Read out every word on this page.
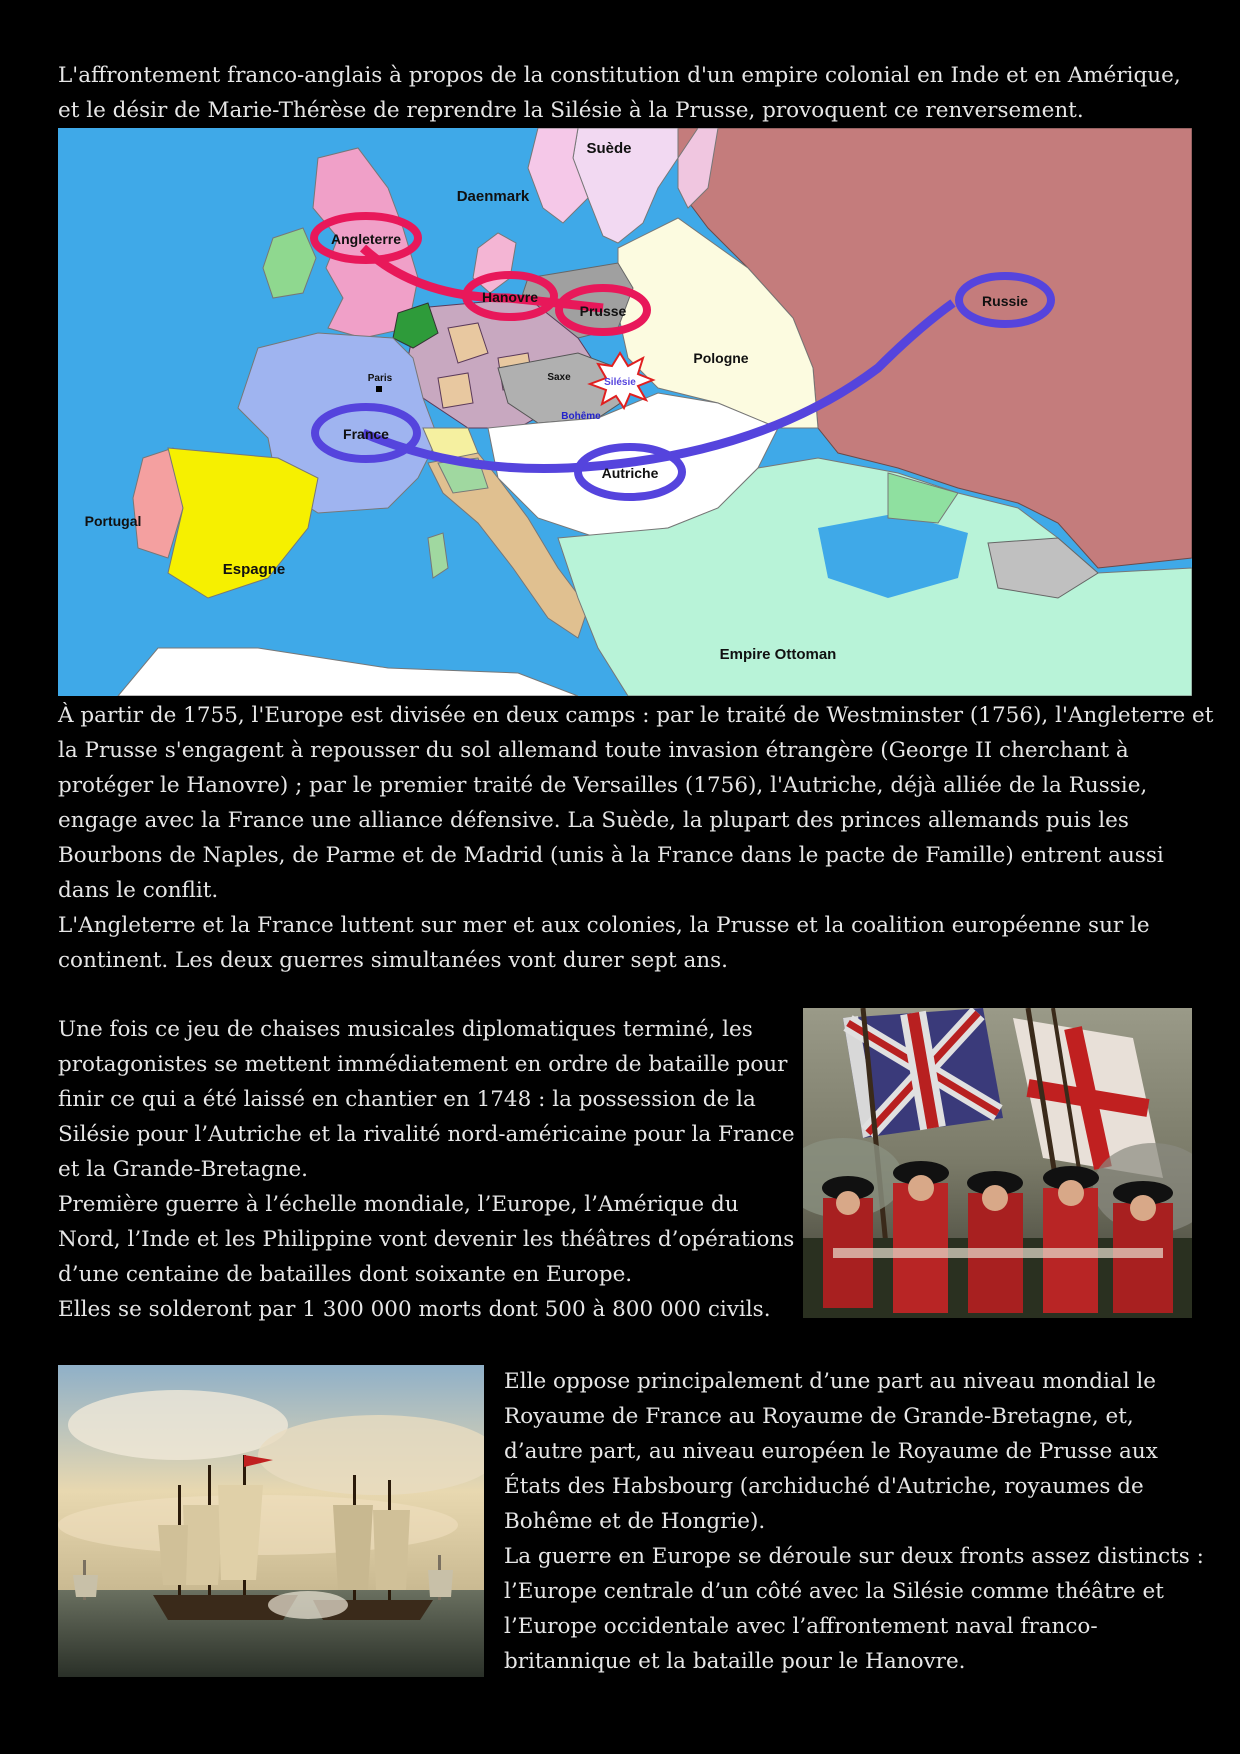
L'affrontement franco-anglais à propos de la constitution d'un empire colonial en Inde et en Amérique,
et le désir de Marie-Thérèse de reprendre la Silésie à la Prusse, provoquent ce renversement.
Suède
Daenmark
Angleterre
Hanovre
Prusse
Russie
Pologne
Saxe	Silésie
Bohême
Paris
France
Autriche
Portugal
Espagne
Empire Ottoman
À partir de 1755, l'Europe est divisée en deux camps : par le traité de Westminster (1756), l'Angleterre et
la Prusse s'engagent à repousser du sol allemand toute invasion étrangère (George II cherchant à
protéger le Hanovre) ; par le premier traité de Versailles (1756), l'Autriche, déjà alliée de la Russie,
engage avec la France une alliance défensive. La Suède, la plupart des princes allemands puis les
Bourbons de Naples, de Parme et de Madrid (unis à la France dans le pacte de Famille) entrent aussi
dans le conflit.
L'Angleterre et la France luttent sur mer et aux colonies, la Prusse et la coalition européenne sur le
continent. Les deux guerres simultanées vont durer sept ans.
Une fois ce jeu de chaises musicales diplomatiques terminé, les
protagonistes se mettent immédiatement en ordre de bataille pour
finir ce qui a été laissé en chantier en 1748 : la possession de la
Silésie pour l’Autriche et la rivalité nord-américaine pour la France
et la Grande-Bretagne.
Première guerre à l’échelle mondiale, l’Europe, l’Amérique du
Nord, l’Inde et les Philippine vont devenir les théâtres d’opérations
d’une centaine de batailles dont soixante en Europe.
Elles se solderont par 1 300 000 morts dont 500 à 800 000 civils.
Elle oppose principalement d’une part au niveau mondial le
Royaume de France au Royaume de Grande-Bretagne, et,
d’autre part, au niveau européen le Royaume de Prusse aux
États des Habsbourg (archiduché d'Autriche, royaumes de
Bohême et de Hongrie).
La guerre en Europe se déroule sur deux fronts assez distincts :
l’Europe centrale d’un côté avec la Silésie comme théâtre et
l’Europe occidentale avec l’affrontement naval franco-
britannique et la bataille pour le Hanovre.
